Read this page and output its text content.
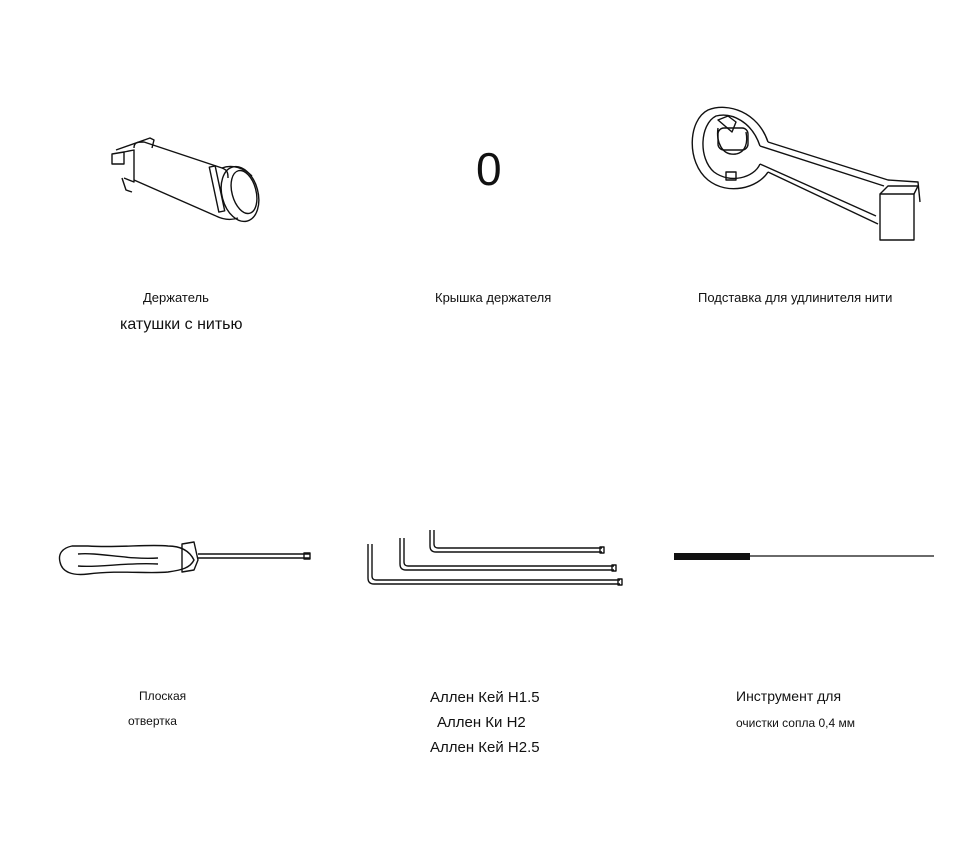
0
Держатель
катушки с нитью
Крышка держателя	Подставка для удлинителя нити
Плоская
отвертка
Аллен Кей H1.5
Аллен Ки H2
Аллен Кей H2.5
Инструмент для
очистки сопла 0,4 мм
